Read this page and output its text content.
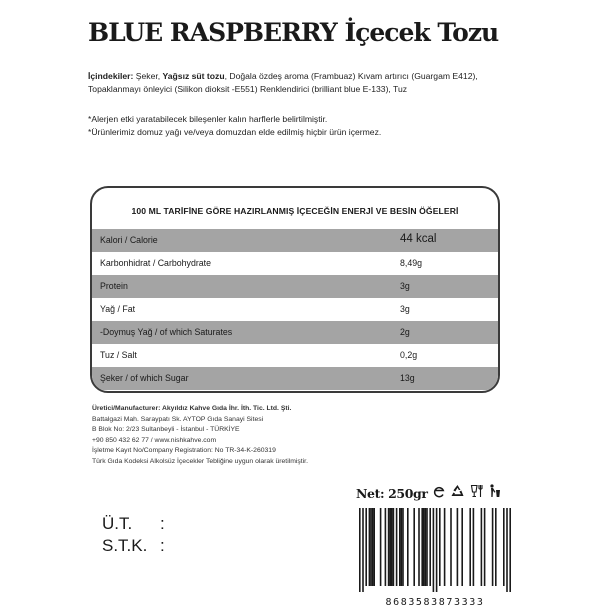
BLUE RASPBERRY İçecek Tozu
İçindekiler: Şeker, Yağsız süt tozu, Doğala özdeş aroma (Frambuaz) Kıvam artırıcı (Guargam E412), Topaklanmayı önleyici (Silikon dioksit -E551) Renklendirici (brilliant blue E-133), Tuz
*Alerjen etki yaratabilecek bileşenler kalın harflerle belirtilmiştir.
*Ürünlerimiz domuz yağı ve/veya domuzdan elde edilmiş hiçbir ürün içermez.
100 ML TARİFİNE GÖRE HAZIRLANMIŞ İÇECEĞİN ENERJİ VE BESİN ÖĞELERİ
Kalori / Calorie	44 kcal
Karbonhidrat / Carbohydrate	8,49g
Protein	3g
Yağ / Fat	3g
-Doymuş Yağ / of which Saturates	2g
Tuz / Salt	0,2g
Şeker / of which Sugar	13g
Üretici/Manufacturer: Akyıldız Kahve Gıda İhr. İth. Tic. Ltd. Şti.
Battalgazi Mah. Saraypatı Sk. AYTOP Gıda Sanayi Sitesi
B Blok No: 2/23 Sultanbeyli - İstanbul - TÜRKİYE
+90 850 432 62 77 / www.nishkahve.com
İşletme Kayıt No/Company Registration: No TR-34-K-260319
Türk Gıda Kodeksi Alkolsüz İçecekler Tebliğine uygun olarak üretilmiştir.
Net: 250gr
Ü.T.	:
S.T.K. :
8683583873333
